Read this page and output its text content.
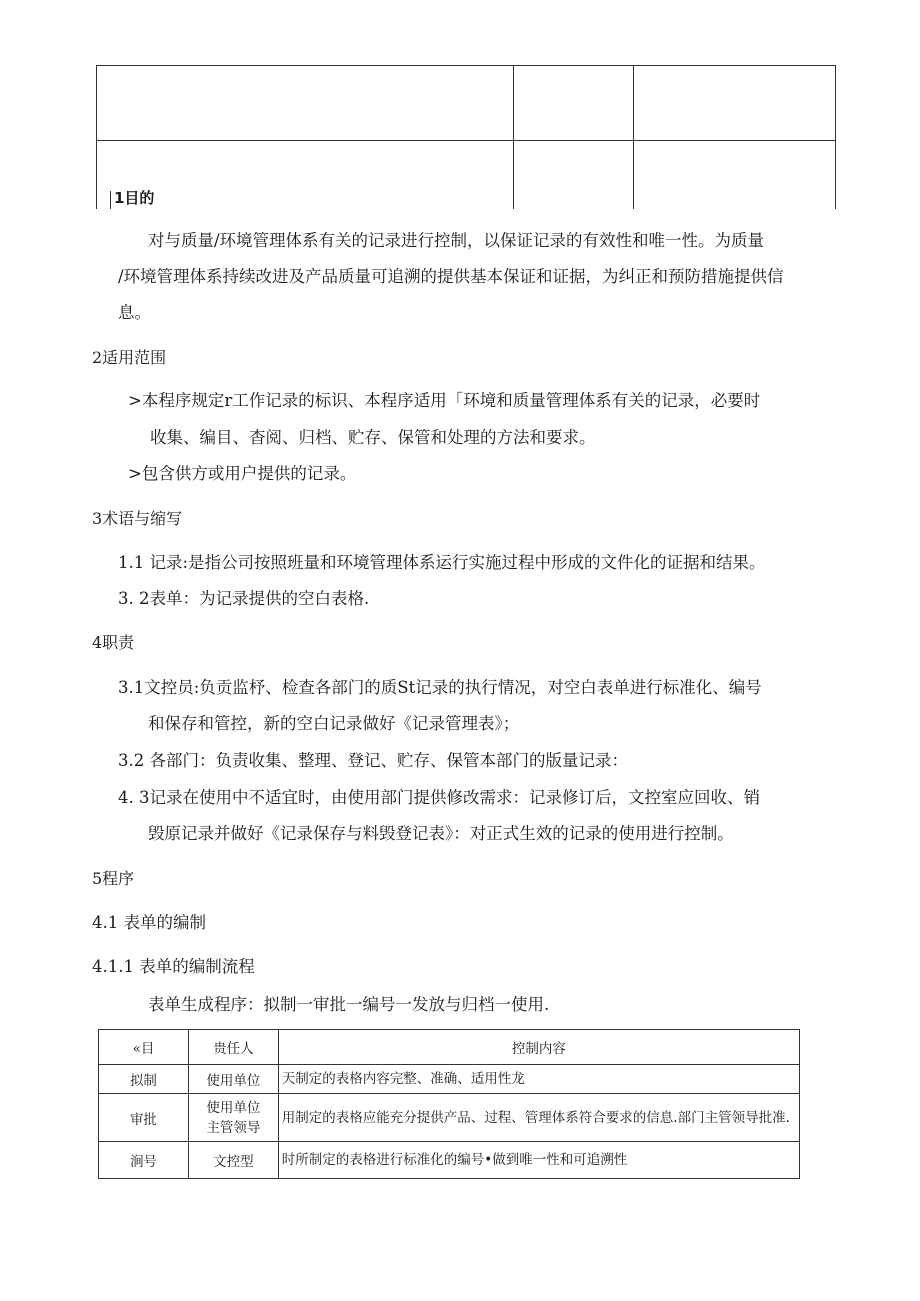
1目的
对与质量/环境管理体系有关的记录进行控制，以保证记录的有效性和唯一性。为质量
/环境管理体系持续改进及产品质量可追溯的提供基本保证和证据，为纠正和预防措施提供信
息。
2适用范围
>本程序规定r工作记录的标识、本程序适用「环境和质量管理体系有关的记录，必要时
收集、编目、杳阅、归档、贮存、保管和处理的方法和要求。
>包含供方或用户提供的记录。
3术语与缩写
1.1 记录:是指公司按照班量和环境管理体系运行实施过程中形成的文件化的证据和结果。
3. 2表单：为记录提供的空白表格.
4职责
3.1文控员:负贡监杼、检查各部门的质St记录的执行情况，对空白表单进行标准化、编号
和保存和管控，新的空白记录做好《记录管理表》；
3.2 各部门：负责收集、整理、登记、贮存、保管本部门的版量记录：
4. 3记录在使用中不适宜时，由使用部门提供修改需求：记录修订后，文控室应回收、销
毁原记录并做好《记录保存与料毁登记表》：对正式生效的记录的使用进行控制。
5程序
4.1 表单的编制
4.1.1 表单的编制流程
表单生成程序：拟制一审批一编号一发放与归档一使用.
«目	贵任人	控制内容
拟制	使用单位	天制定的表格内容完整、准确、适用性龙
审批	使用单位主管领导	用制定的表格应能充分提供产品、过程、管理体系符合要求的信息.部门主管领导批准.
涧号	文控型	时所制定的表格进行标准化的编号•做到唯一性和可追溯性
